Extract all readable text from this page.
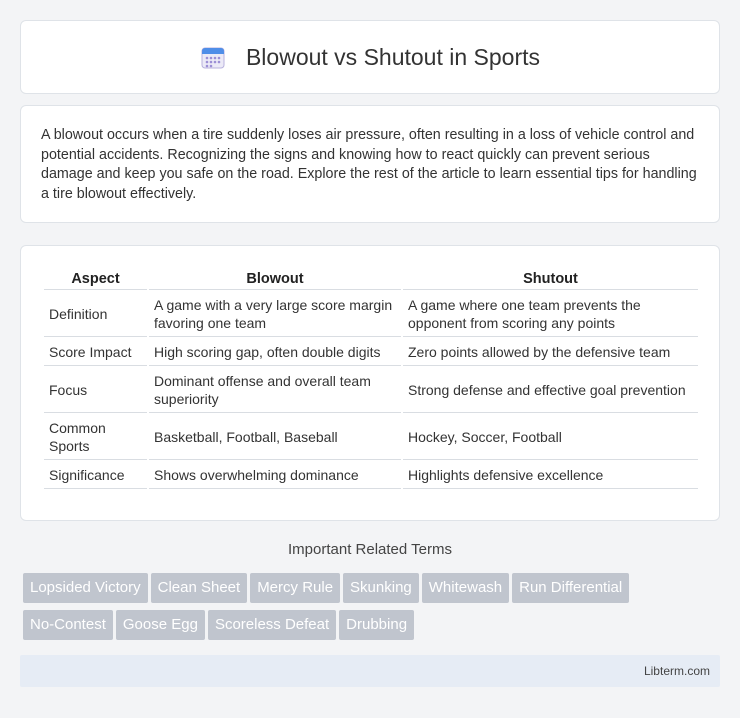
Blowout vs Shutout in Sports

A blowout occurs when a tire suddenly loses air pressure, often resulting in a loss of vehicle control and potential accidents. Recognizing the signs and knowing how to react quickly can prevent serious damage and keep you safe on the road. Explore the rest of the article to learn essential tips for handling a tire blowout effectively.

Aspect	Blowout	Shutout
Definition	A game with a very large score margin favoring one team	A game where one team prevents the opponent from scoring any points
Score Impact	High scoring gap, often double digits	Zero points allowed by the defensive team
Focus	Dominant offense and overall team superiority	Strong defense and effective goal prevention
Common Sports	Basketball, Football, Baseball	Hockey, Soccer, Football
Significance	Shows overwhelming dominance	Highlights defensive excellence
Important Related Terms
Lopsided Victory Clean Sheet Mercy Rule Skunking Whitewash Run Differential
No-Contest Goose Egg Scoreless Defeat Drubbing
Libterm.com
